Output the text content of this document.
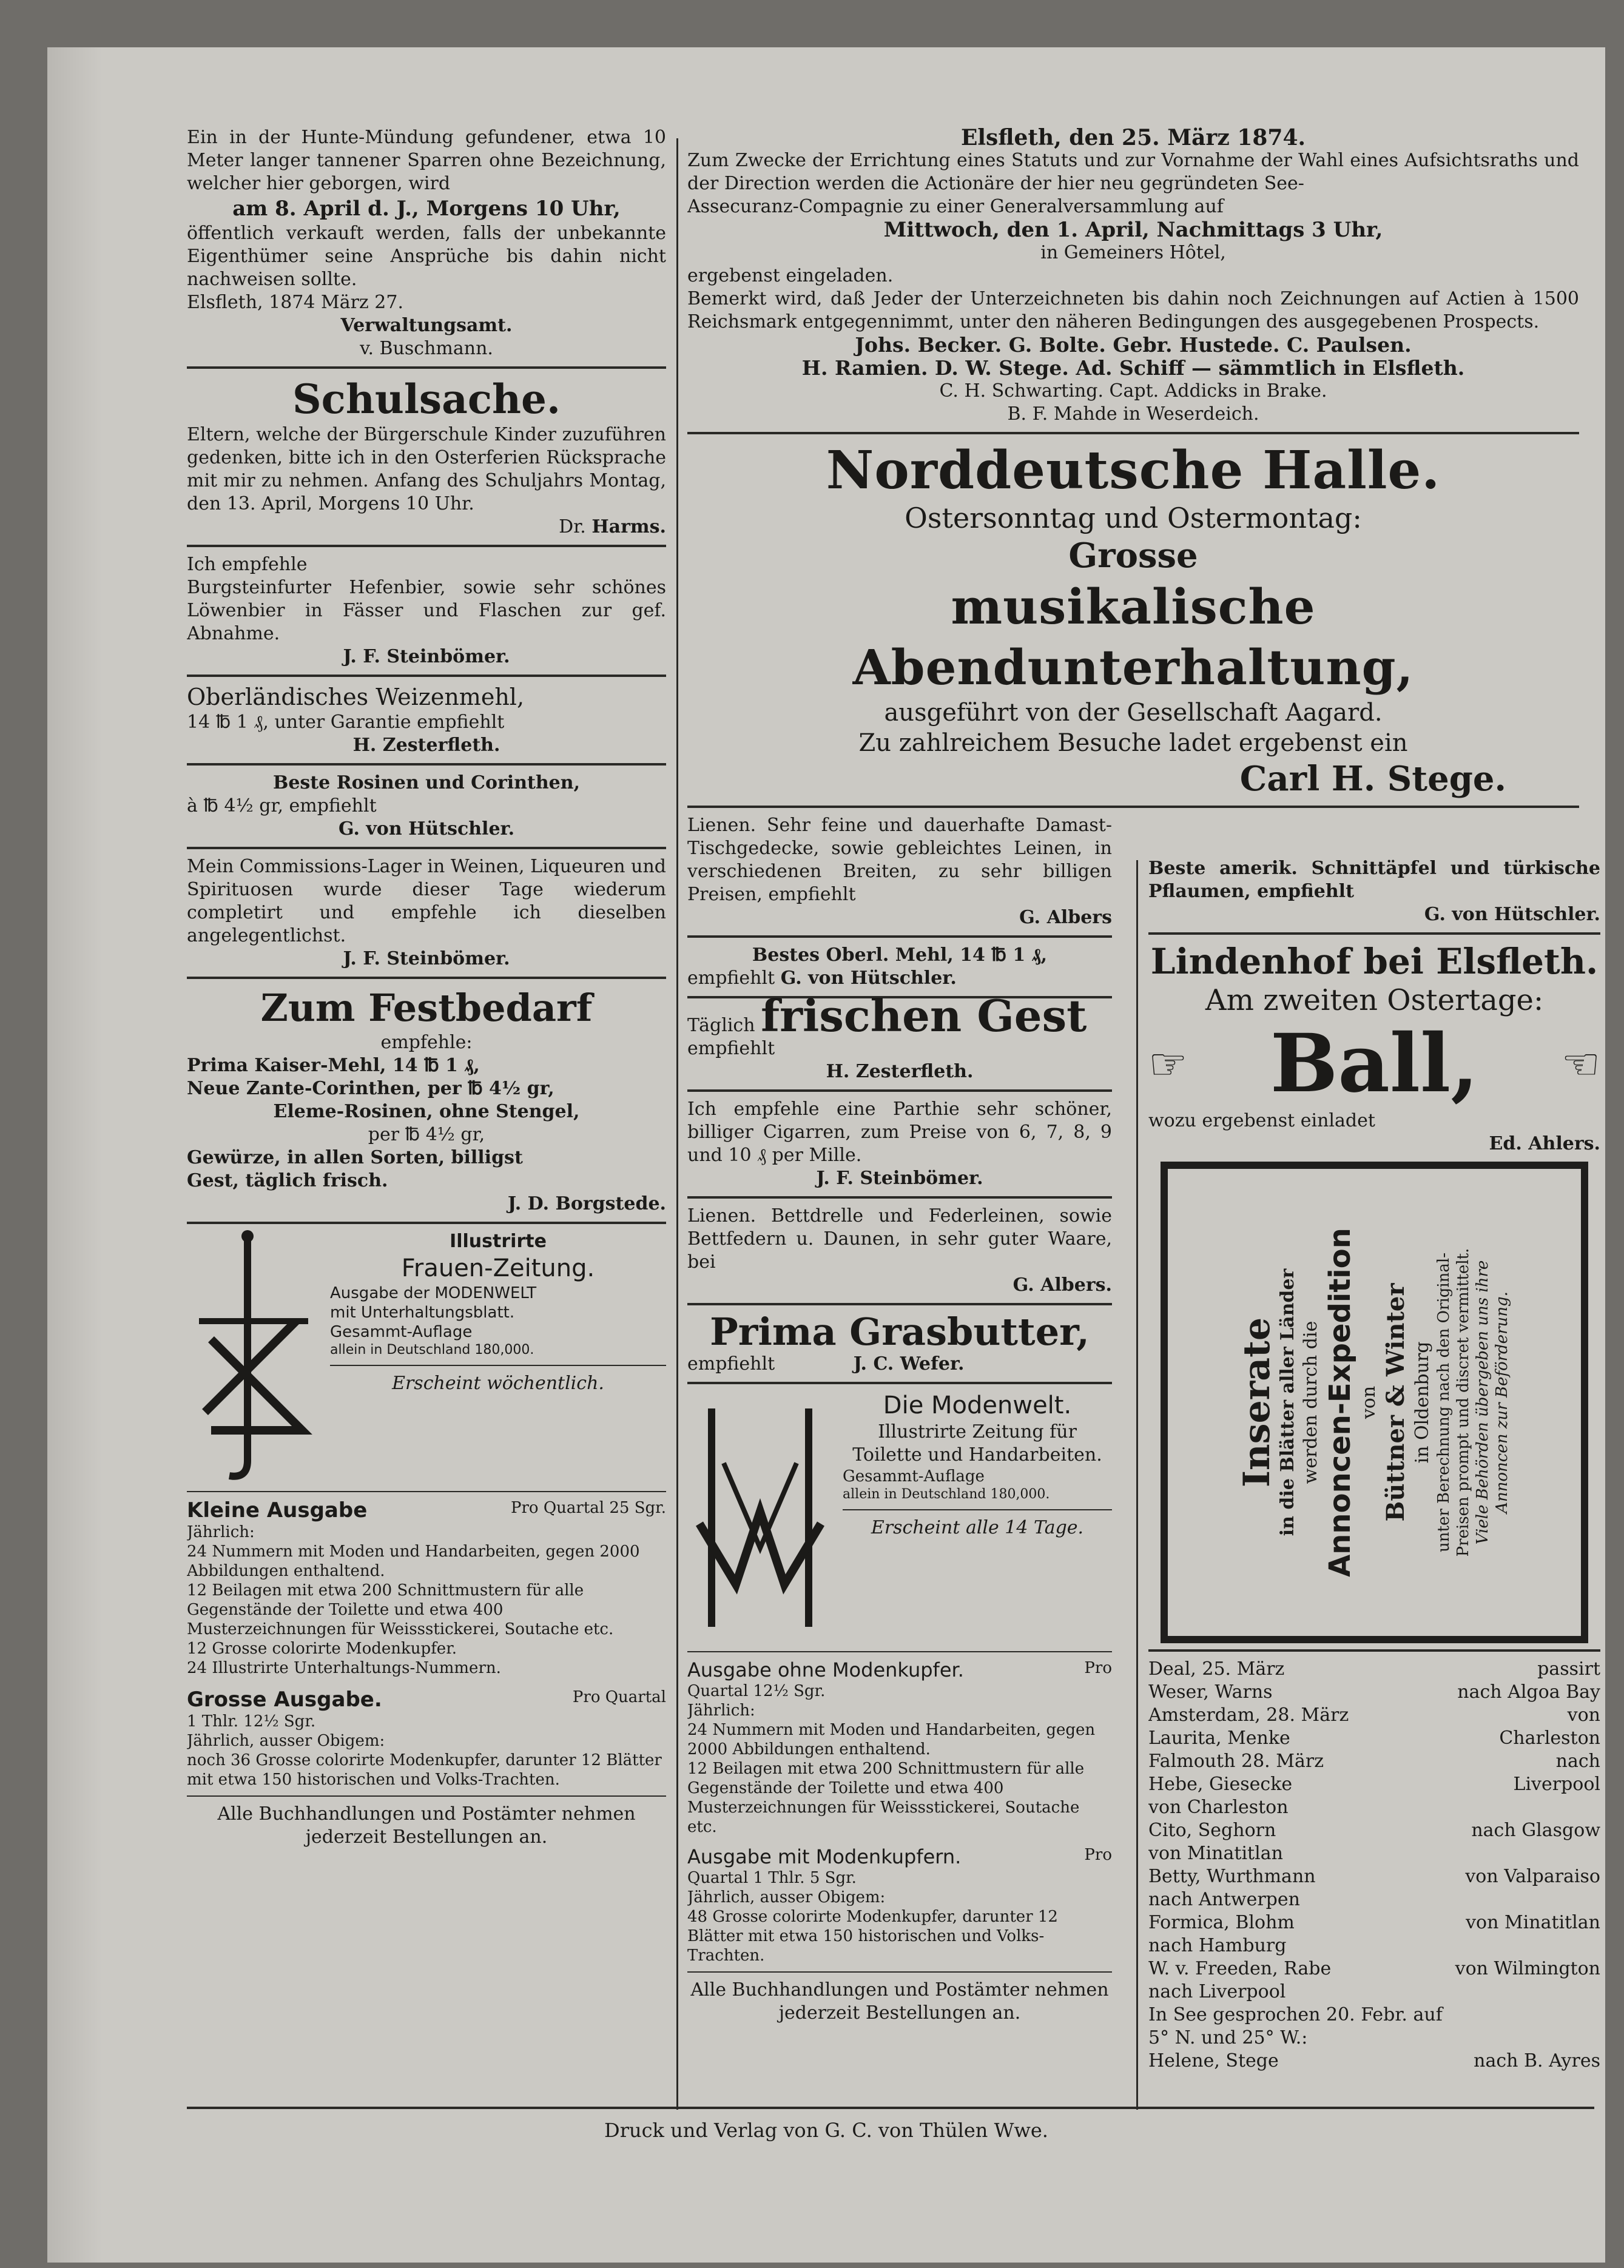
Ein in der Hunte-Mündung gefundener, etwa 10 Meter langer tannener Sparren ohne Bezeichnung, welcher hier geborgen, wird

am 8. April d. J., Morgens 10 Uhr,

öffentlich verkauft werden, falls der unbekannte Eigenthümer seine Ansprüche bis dahin nicht nachweisen sollte.

Elsfleth, 1874 März 27.

Verwaltungsamt.

v. Buschmann.

Schulsache.

Eltern, welche der Bürgerschule Kinder zuzuführen gedenken, bitte ich in den Osterferien Rücksprache mit mir zu nehmen. Anfang des Schuljahrs Montag, den 13. April, Morgens 10 Uhr.

Dr. Harms.

Ich empfehle

Burgsteinfurter Hefenbier, sowie sehr schönes Löwenbier in Fässer und Flaschen zur gef. Abnahme.

J. F. Steinbömer.

Oberländisches Weizenmehl,

14 ℔ 1 ₰, unter Garantie empfiehlt

H. Zesterfleth.

Beste Rosinen und Corinthen,

à ℔ 4½ gr, empfiehlt

G. von Hütschler.

Mein Commissions-Lager in Weinen, Liqueuren und Spirituosen wurde dieser Tage wiederum completirt und empfehle ich dieselben angelegentlichst.

J. F. Steinbömer.

Zum Festbedarf

empfehle:

Prima Kaiser-Mehl, 14 ℔ 1 ₰,

Neue Zante-Corinthen, per ℔ 4½ gr,

Eleme-Rosinen, ohne Stengel,

per ℔ 4½ gr,

Gewürze, in allen Sorten, billigst

Gest, täglich frisch.

J. D. Borgstede.

Illustrirte

Frauen-Zeitung.

Ausgabe der MODENWELT

mit Unterhaltungsblatt.

Gesammt-Auflage

allein in Deutschland 180,000.

Erscheint wöchentlich.

Kleine Ausgabe	Pro Quartal 25 Sgr.

Jährlich:

24 Nummern mit Moden und Handarbeiten, gegen 2000 Abbildungen enthaltend.

12 Beilagen mit etwa 200 Schnittmustern für alle Gegenstände der Toilette und etwa 400 Musterzeichnungen für Weissstickerei, Soutache etc.

12 Grosse colorirte Modenkupfer.

24 Illustrirte Unterhaltungs-Nummern.

Grosse Ausgabe.	Pro Quartal

1 Thlr. 12½ Sgr.

Jährlich, ausser Obigem:

noch 36 Grosse colorirte Modenkupfer, darunter 12 Blätter mit etwa 150 historischen und Volks-Trachten.

Alle Buchhandlungen und Postämter nehmen jederzeit Bestellungen an.

Elsfleth, den 25. März 1874.

Zum Zwecke der Errichtung eines Statuts und zur Vornahme der Wahl eines Aufsichtsraths und der Direction werden die Actionäre der hier neu gegründeten See-

Assecuranz-Compagnie zu einer Generalversammlung auf

Mittwoch, den 1. April, Nachmittags 3 Uhr,

in Gemeiners Hôtel,

ergebenst eingeladen.

Bemerkt wird, daß Jeder der Unterzeichneten bis dahin noch Zeichnungen auf Actien à 1500 Reichsmark entgegennimmt, unter den näheren Bedingungen des ausgegebenen Prospects.

Johs. Becker. G. Bolte. Gebr. Hustede. C. Paulsen.

H. Ramien. D. W. Stege. Ad. Schiff — sämmtlich in Elsfleth.

C. H. Schwarting. Capt. Addicks in Brake.

B. F. Mahde in Weserdeich.

Norddeutsche Halle.

Ostersonntag und Ostermontag:

Grosse

musikalische Abendunterhaltung,

ausgeführt von der Gesellschaft Aagard.

Zu zahlreichem Besuche ladet ergebenst ein

Carl H. Stege.

Lienen. Sehr feine und dauerhafte Damast-Tischgedecke, sowie gebleichtes Leinen, in verschiedenen Breiten, zu sehr billigen Preisen, empfiehlt

G. Albers

Bestes Oberl. Mehl, 14 ℔ 1 ₰,

empfiehlt G. von Hütschler.

Täglich frischen Gest

empfiehlt

H. Zesterfleth.

Ich empfehle eine Parthie sehr schöner, billiger Cigarren, zum Preise von 6, 7, 8, 9 und 10 ₰ per Mille.

J. F. Steinbömer.

Lienen. Bettdrelle und Federleinen, sowie Bettfedern u. Daunen, in sehr guter Waare, bei

G. Albers.

Prima Grasbutter,

empfiehlt	J. C. Wefer.

Die Modenwelt.

Illustrirte Zeitung für Toilette und Handarbeiten.

Gesammt-Auflage

allein in Deutschland 180,000.

Erscheint alle 14 Tage.

Ausgabe ohne Modenkupfer.	Pro

Quartal 12½ Sgr.

Jährlich:

24 Nummern mit Moden und Handarbeiten, gegen 2000 Abbildungen enthaltend.

12 Beilagen mit etwa 200 Schnittmustern für alle Gegenstände der Toilette und etwa 400 Musterzeichnungen für Weissstickerei, Soutache etc.

Ausgabe mit Modenkupfern.	Pro

Quartal 1 Thlr. 5 Sgr.

Jährlich, ausser Obigem:

48 Grosse colorirte Modenkupfer, darunter 12 Blätter mit etwa 150 historischen und Volks-Trachten.

Alle Buchhandlungen und Postämter nehmen jederzeit Bestellungen an.

Beste amerik. Schnittäpfel und türkische Pflaumen, empfiehlt

G. von Hütschler.

Lindenhof bei Elsfleth.

Am zweiten Ostertage:

☞ Ball, ☜

wozu ergebenst einladet

Ed. Ahlers.

Inserate

in die Blätter aller Länder werden durch die Annoncen-Expedition von Büttner & Winter in Oldenburg unter Berechnung nach den Original- Preisen prompt und discret vermittelt. Viele Behörden übergeben uns ihre Annoncen zur Beförderung.

Deal, 25. März	passirt
Weser, Warns	nach Algoa Bay
Amsterdam, 28. März	von
Laurita, Menke	Charleston
Falmouth 28. März	nach
Hebe, Giesecke	Liverpool
von Charleston
Cito, Seghorn	nach Glasgow
von Minatitlan
Betty, Wurthmann	von Valparaiso
nach Antwerpen
Formica, Blohm	von Minatitlan
nach Hamburg
W. v. Freeden, Rabe	von Wilmington
nach Liverpool
In See gesprochen 20. Febr. auf
5° N. und 25° W.:
Helene, Stege	nach B. Ayres

Druck und Verlag von G. C. von Thülen Wwe.
